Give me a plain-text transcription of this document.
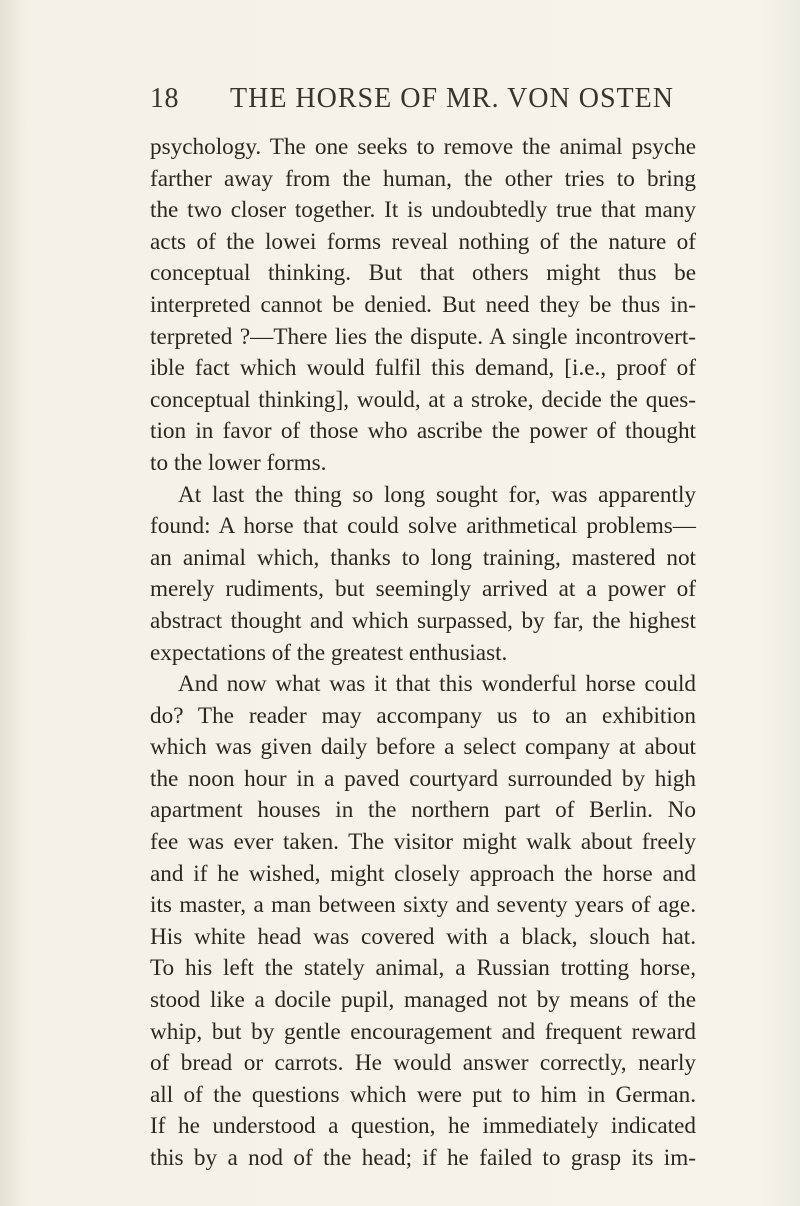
18 THE HORSE OF MR. VON OSTEN
psychology. The one seeks to remove the animal psyche
farther away from the human, the other tries to bring
the two closer together. It is undoubtedly true that many
acts of the lowei forms reveal nothing of the nature of
conceptual thinking. But that others might thus be
interpreted cannot be denied. But need they be thus in-
terpreted ?—There lies the dispute. A single incontrovert-
ible fact which would fulfil this demand, [i.e., proof of
conceptual thinking], would, at a stroke, decide the ques-
tion in favor of those who ascribe the power of thought
to the lower forms.
At last the thing so long sought for, was apparently
found: A horse that could solve arithmetical problems—
an animal which, thanks to long training, mastered not
merely rudiments, but seemingly arrived at a power of
abstract thought and which surpassed, by far, the highest
expectations of the greatest enthusiast.
And now what was it that this wonderful horse could
do? The reader may accompany us to an exhibition
which was given daily before a select company at about
the noon hour in a paved courtyard surrounded by high
apartment houses in the northern part of Berlin. No
fee was ever taken. The visitor might walk about freely
and if he wished, might closely approach the horse and
its master, a man between sixty and seventy years of age.
His white head was covered with a black, slouch hat.
To his left the stately animal, a Russian trotting horse,
stood like a docile pupil, managed not by means of the
whip, but by gentle encouragement and frequent reward
of bread or carrots. He would answer correctly, nearly
all of the questions which were put to him in German.
If he understood a question, he immediately indicated
this by a nod of the head; if he failed to grasp its im-
